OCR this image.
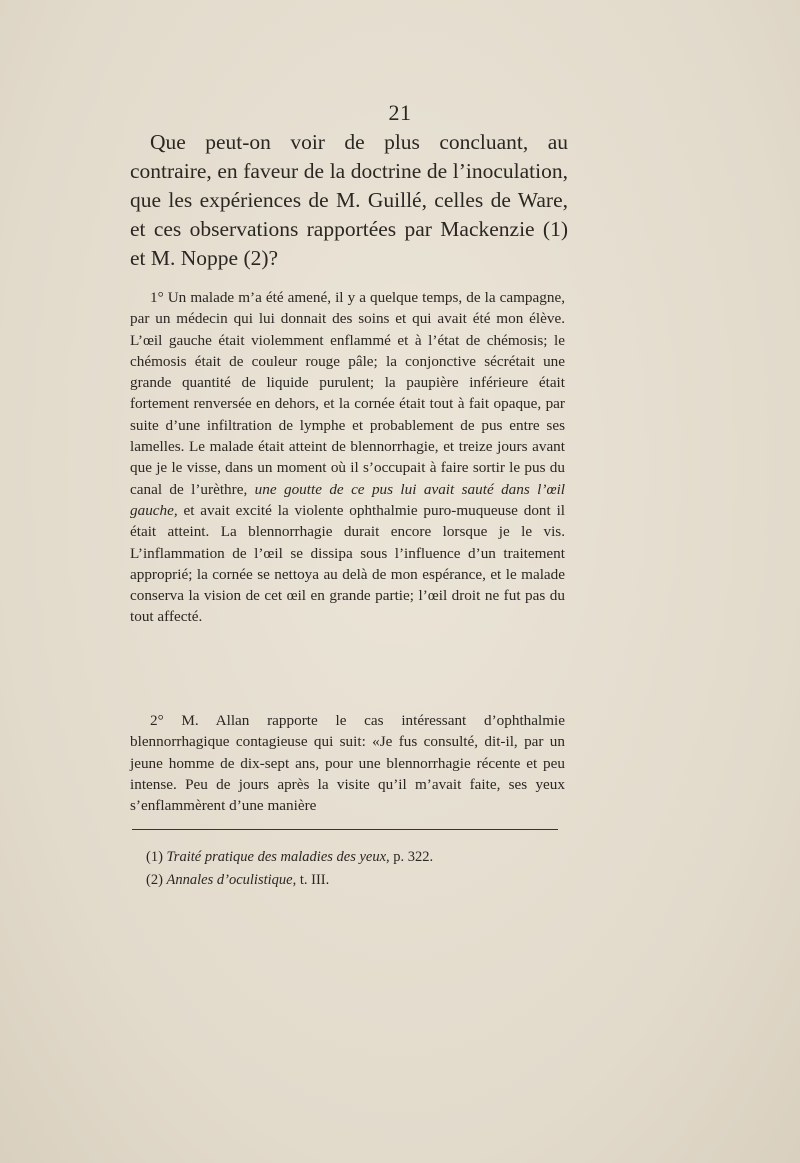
21

Que peut-on voir de plus concluant, au contraire, en faveur de la doctrine de l’inoculation, que les expériences de M. Guillé, celles de Ware, et ces observations rapportées par Mackenzie (1) et M. Noppe (2)?

1° Un malade m’a été amené, il y a quelque temps, de la campagne, par un médecin qui lui donnait des soins et qui avait été mon élève. L’œil gauche était violemment enflammé et à l’état de chémosis; le chémosis était de couleur rouge pâle; la conjonctive sécrétait une grande quantité de liquide purulent; la paupière inférieure était fortement renversée en dehors, et la cornée était tout à fait opaque, par suite d’une infiltration de lymphe et probablement de pus entre ses lamelles. Le malade était atteint de blennorrhagie, et treize jours avant que je le visse, dans un moment où il s’occupait à faire sortir le pus du canal de l’urèthre, une goutte de ce pus lui avait sauté dans l’œil gauche, et avait excité la violente ophthalmie puro-muqueuse dont il était atteint. La blennorrhagie durait encore lorsque je le vis. L’inflammation de l’œil se dissipa sous l’influence d’un traitement approprié; la cornée se nettoya au delà de mon espérance, et le malade conserva la vision de cet œil en grande partie; l’œil droit ne fut pas du tout affecté.

2° M. Allan rapporte le cas intéressant d’ophthalmie blennorrhagique contagieuse qui suit: «Je fus consulté, dit-il, par un jeune homme de dix-sept ans, pour une blennorrhagie récente et peu intense. Peu de jours après la visite qu’il m’avait faite, ses yeux s’enflammèrent d’une manière

(1) Traité pratique des maladies des yeux, p. 322.
(2) Annales d’oculistique, t. III.
